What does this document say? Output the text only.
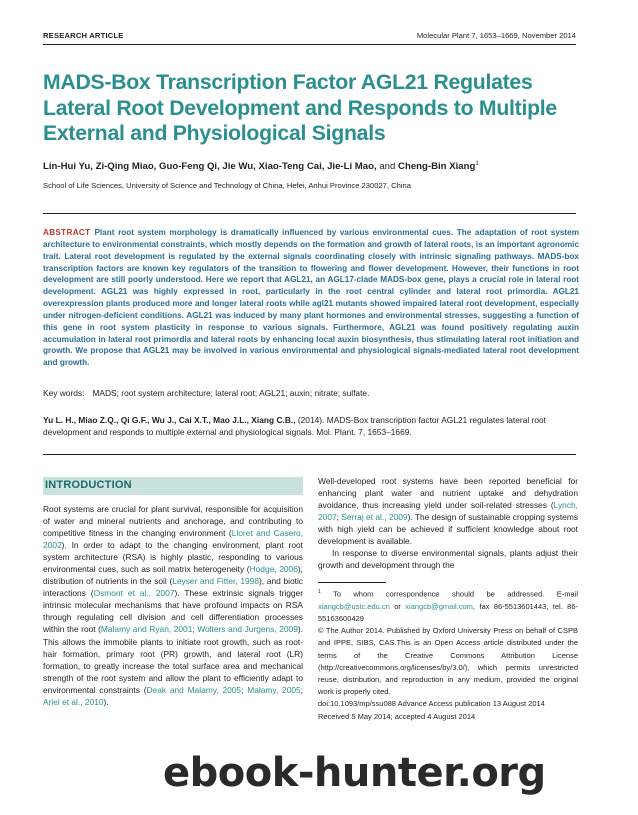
RESEARCH ARTICLE	Molecular Plant 7, 1653–1669, November 2014
MADS-Box Transcription Factor AGL21 Regulates Lateral Root Development and Responds to Multiple External and Physiological Signals
Lin-Hui Yu, Zi-Qing Miao, Guo-Feng Qi, Jie Wu, Xiao-Teng Cai, Jie-Li Mao, and Cheng-Bin Xiang$^1$
School of Life Sciences, University of Science and Technology of China, Hefei, Anhui Province 230027, China

ABSTRACT Plant root system morphology is dramatically influenced by various environmental cues. The adaptation of root system architecture to environmental constraints, which mostly depends on the formation and growth of lateral roots, is an important agronomic trait. Lateral root development is regulated by the external signals coordinating closely with intrinsic signaling pathways. MADS-box transcription factors are known key regulators of the transition to flowering and flower development. However, their functions in root development are still poorly understood. Here we report that AGL21, an AGL17-clade MADS-box gene, plays a crucial role in lateral root development. AGL21 was highly expressed in root, particularly in the root central cylinder and lateral root primordia. AGL21 overexpression plants produced more and longer lateral roots while agl21 mutants showed impaired lateral root development, especially under nitrogen-deficient conditions. AGL21 was induced by many plant hormones and environmental stresses, suggesting a function of this gene in root system plasticity in response to various signals. Furthermore, AGL21 was found positively regulating auxin accumulation in lateral root primordia and lateral roots by enhancing local auxin biosynthesis, thus stimulating lateral root initiation and growth. We propose that AGL21 may be involved in various environmental and physiological signals-mediated lateral root development and growth.

Key words: MADS; root system architecture; lateral root; AGL21; auxin; nitrate; sulfate.

Yu L. H., Miao Z.Q., Qi G.F., Wu J., Cai X.T., Mao J.L., Xiang C.B., (2014). MADS-Box transcription factor AGL21 regulates lateral root development and responds to multiple external and physiological signals. Mol. Plant. 7, 1653–1669.

INTRODUCTION

Root systems are crucial for plant survival, responsible for acquisition of water and mineral nutrients and anchorage, and contributing to competitive fitness in the changing environment (Lloret and Casero, 2002). In order to adapt to the changing environment, plant root system architecture (RSA) is highly plastic, responding to various environmental cues, such as soil matrix heterogeneity (Hodge, 2006), distribution of nutrients in the soil (Leyser and Fitter, 1998), and biotic interactions (Osmont et al., 2007). These extrinsic signals trigger intrinsic molecular mechanisms that have profound impacts on RSA through regulating cell division and cell differentiation processes within the root (Malamy and Ryan, 2001; Wolters and Jurgens, 2009). This allows the immobile plants to initiate root growth, such as root-hair formation, primary root (PR) growth, and lateral root (LR) formation, to greatly increase the total surface area and mechanical strength of the root system and allow the plant to efficiently adapt to environmental constraints (Deak and Malamy, 2005; Malamy, 2005; Ariel et al., 2010).

Well-developed root systems have been reported beneficial for enhancing plant water and nutrient uptake and dehydration avoidance, thus increasing yield under soil-related stresses (Lynch, 2007; Serraj et al., 2009). The design of sustainable cropping systems with high yield can be achieved if sufficient knowledge about root development is available.

In response to diverse environmental signals, plants adjust their growth and development through the

$^1$ To whom correspondence should be addressed. E-mail xiangcb@ustc.edu.cn or xiangcb@gmail.com, fax 86-5513601443, tel. 86-55163600429

© The Author 2014. Published by Oxford University Press on behalf of CSPB and IPPE, SIBS, CAS.This is an Open Access article distributed under the terms of the Creative Commons Attribution License (http://creativecommons.org/licenses/by/3.0/), which permits unrestricted reuse, distribution, and reproduction in any medium, provided the original work is properly cited.

doi:10.1093/mp/ssu088 Advance Access publication 13 August 2014

Received 5 May 2014; accepted 4 August 2014

ebook-hunter.org
